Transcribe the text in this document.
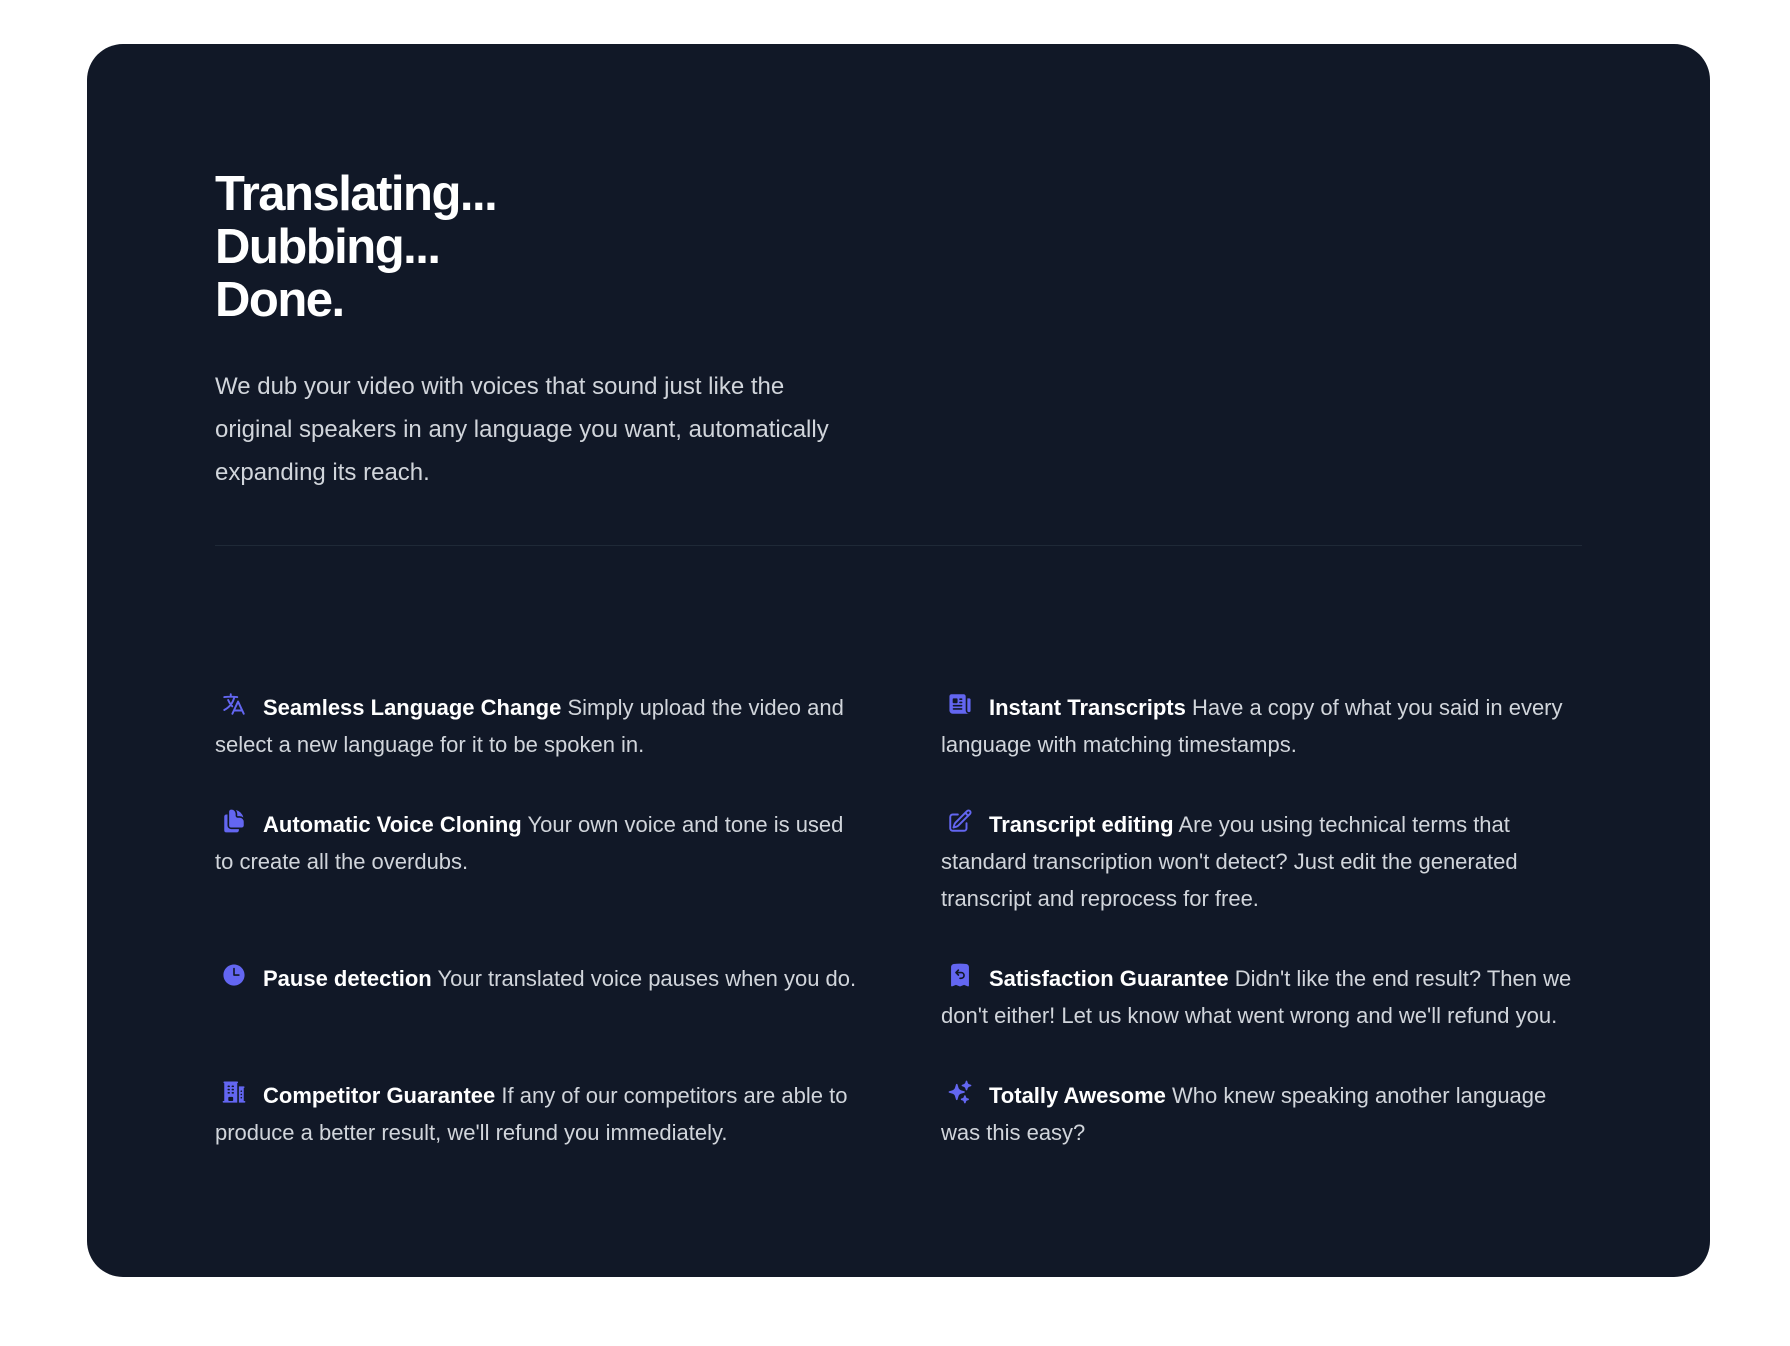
Translating...
Dubbing...
Done.

We dub your video with voices that sound just like the original speakers in any language you want, automatically expanding its reach.

Seamless Language Change Simply upload the video and select a new language for it to be spoken in.
Instant Transcripts Have a copy of what you said in every language with matching timestamps.
Automatic Voice Cloning Your own voice and tone is used to create all the overdubs.
Transcript editing Are you using technical terms that standard transcription won't detect? Just edit the generated transcript and reprocess for free.
Pause detection Your translated voice pauses when you do.	Satisfaction Guarantee Didn't like the end result? Then we don't either! Let us know what went wrong and we'll refund you.
Competitor Guarantee If any of our competitors are able to produce a better result, we'll refund you immediately.
Totally Awesome Who knew speaking another language was this easy?
